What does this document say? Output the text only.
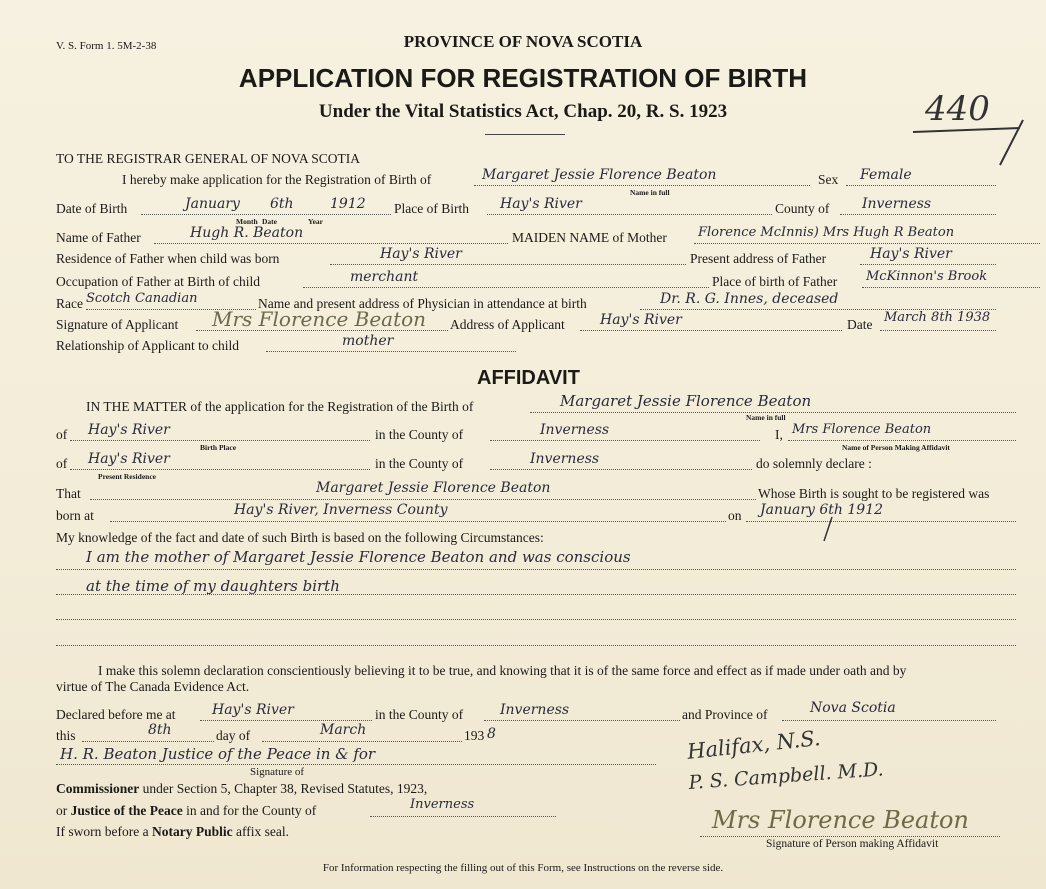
V. S. Form 1. 5M-2-38	PROVINCE OF NOVA SCOTIA
APPLICATION FOR REGISTRATION OF BIRTH
Under the Vital Statistics Act, Chap. 20, R. S. 1923	440
TO THE REGISTRAR GENERAL OF NOVA SCOTIA
I hereby make application for the Registration of Birth of	Margaret Jessie Florence Beaton
Name in full
Sex Female
Date of Birth	January 6th	1912
Month Date	Year
Place of Birth Hay's River	County of Inverness
Name of Father	Hugh R. Beaton	MAIDEN NAME of Mother Florence McInnis) Mrs Hugh R Beaton
Residence of Father when child was born	Hay's River	Present address of Father	Hay's River
Occupation of Father at Birth of child	merchant	Place of birth of Father McKinnon's Brook
Race Scotch Canadian	Name and present address of Physician in attendance at birth	Dr. R. G. Innes, deceased
Signature of Applicant Mrs Florence Beaton Address of Applicant	Hay's River	Date March 8th 1938
Relationship of Applicant to child	mother
AFFIDAVIT
IN THE MATTER of the application for the Registration of the Birth of	Margaret Jessie Florence Beaton
Name in full
of Hay's River
Birth Place
in the County of	Inverness	I, Mrs Florence Beaton
Name of Person Making Affidavit
of Hay's River
Present Residence
in the County of	Inverness	do solemnly declare :
That	Margaret Jessie Florence Beaton	Whose Birth is sought to be registered was
born at	Hay's River, Inverness County	on January 6th 1912
My knowledge of the fact and date of such Birth is based on the following Circumstances:
I am the mother of Margaret Jessie Florence Beaton and was conscious
at the time of my daughters birth
I make this solemn declaration conscientiously believing it to be true, and knowing that it is of the same force and effect as if made under oath and by
virtue of The Canada Evidence Act.
Declared before me at	Hay's River	in the County of	Inverness	and Province of	Nova Scotia
this	8th	day of	March	193 8
H. R. Beaton Justice of the Peace in & for
Signature of
Commissioner under Section 5, Chapter 38, Revised Statutes, 1923,
or Justice of the Peace in and for the County of	Inverness
If sworn before a Notary Public affix seal.
Halifax, N.S.
P. S. Campbell. M.D.
Mrs Florence Beaton
Signature of Person making Affidavit
For Information respecting the filling out of this Form, see Instructions on the reverse side.
